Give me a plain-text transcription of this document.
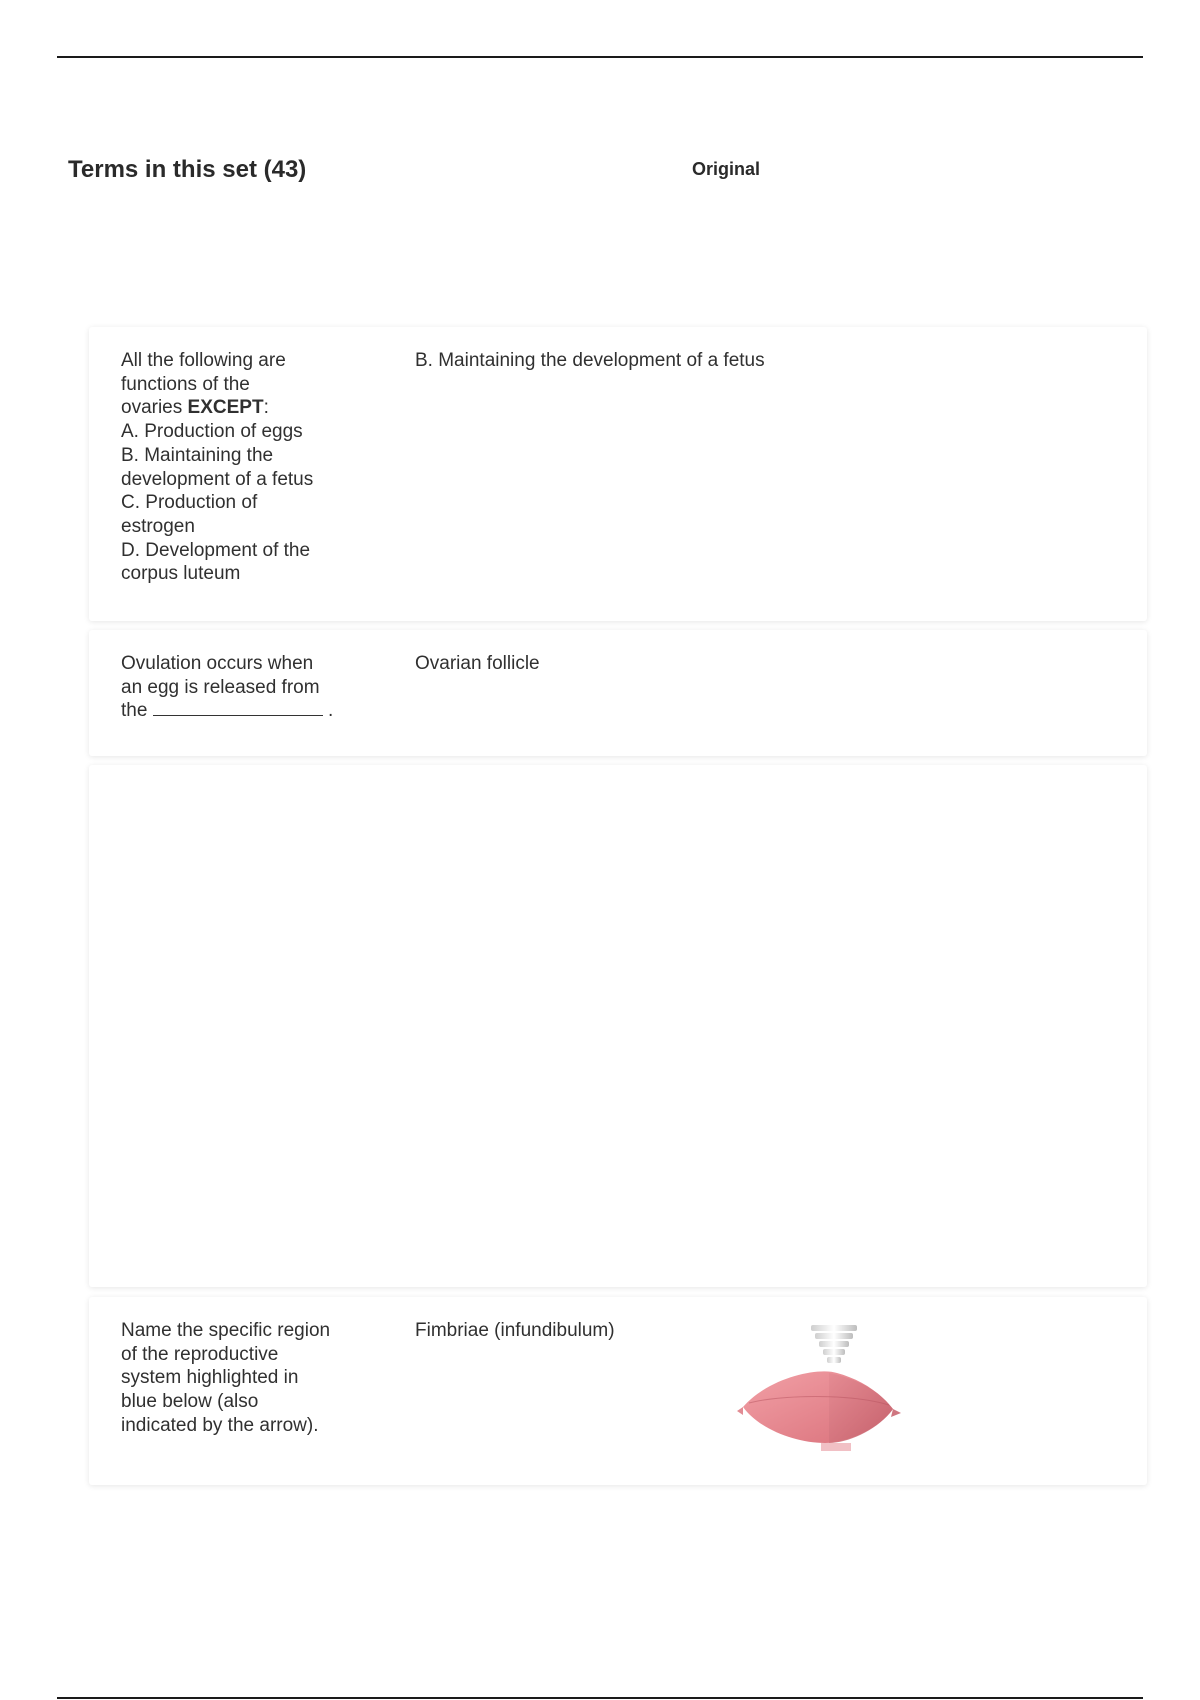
Terms in this set (43)	Original
All the following are
functions of the
ovaries EXCEPT:
A. Production of eggs
B. Maintaining the
development of a fetus
C. Production of
estrogen
D. Development of the
corpus luteum
B. Maintaining the development of a fetus
Ovulation occurs when
an egg is released from
the	.
Ovarian follicle
Name the specific region
of the reproductive
system highlighted in
blue below (also
indicated by the arrow).
Fimbriae (infundibulum)
